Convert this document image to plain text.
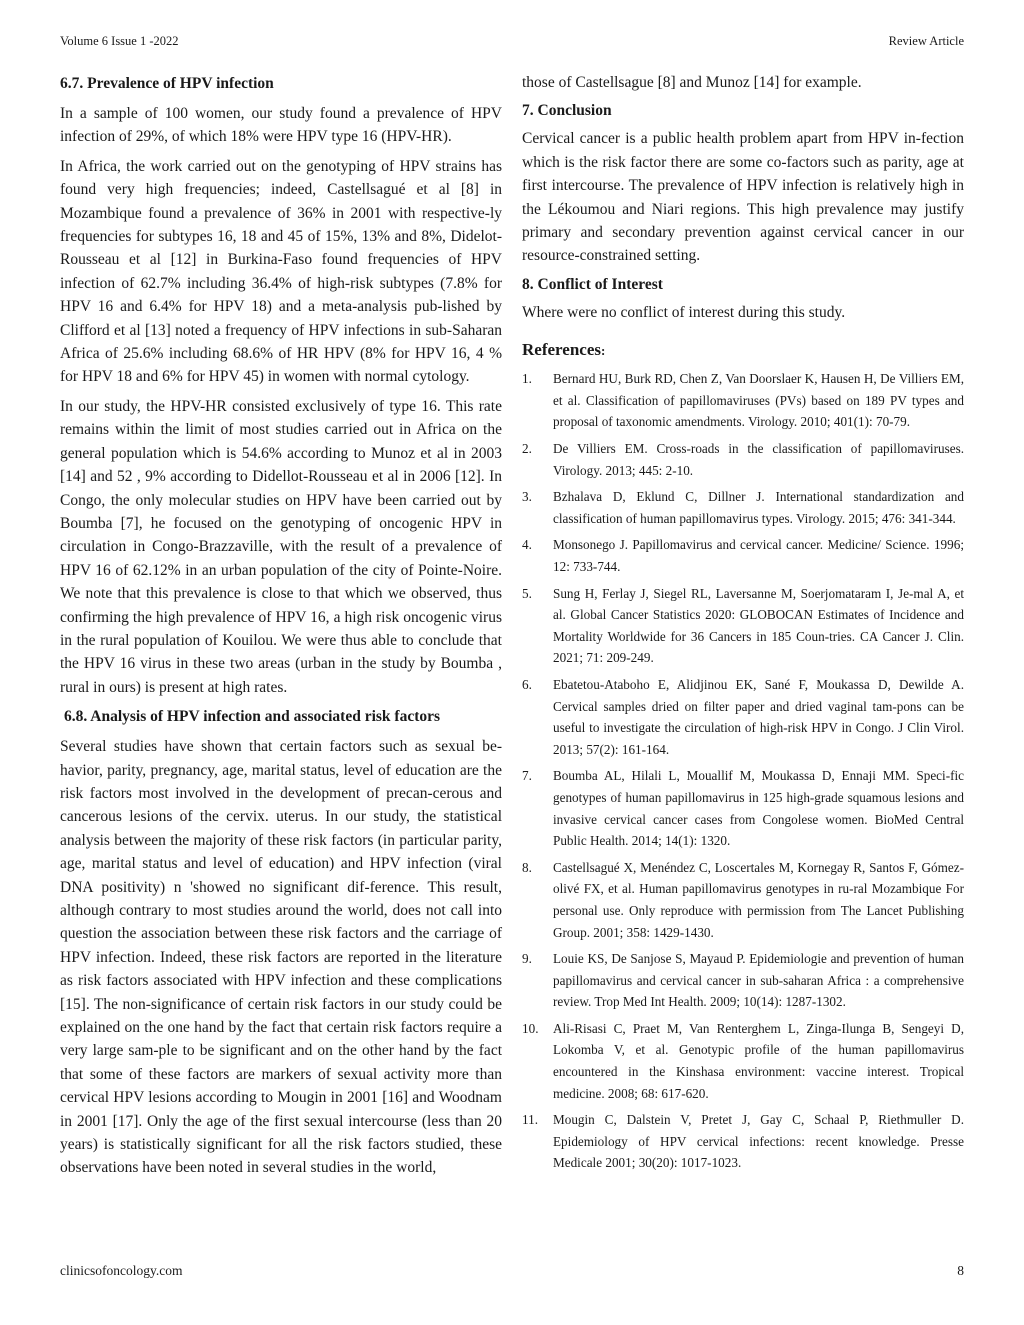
Volume 6 Issue 1 -2022	Review Article
6.7. Prevalence of HPV infection

In a sample of 100 women, our study found a prevalence of HPV infection of 29%, of which 18% were HPV type 16 (HPV-HR).

In Africa, the work carried out on the genotyping of HPV strains has found very high frequencies; indeed, Castellsagué et al [8] in Mozambique found a prevalence of 36% in 2001 with respective-ly frequencies for subtypes 16, 18 and 45 of 15%, 13% and 8%, Didelot-Rousseau et al [12] in Burkina-Faso found frequencies of HPV infection of 62.7% including 36.4% of high-risk subtypes (7.8% for HPV 16 and 6.4% for HPV 18) and a meta-analysis pub-lished by Clifford et al [13] noted a frequency of HPV infections in sub-Saharan Africa of 25.6% including 68.6% of HR HPV (8% for HPV 16, 4 % for HPV 18 and 6% for HPV 45) in women with normal cytology.

In our study, the HPV-HR consisted exclusively of type 16. This rate remains within the limit of most studies carried out in Africa on the general population which is 54.6% according to Munoz et al in 2003 [14] and 52 , 9% according to Didellot-Rousseau et al in 2006 [12]. In Congo, the only molecular studies on HPV have been carried out by Boumba [7], he focused on the genotyping of oncogenic HPV in circulation in Congo-Brazzaville, with the result of a prevalence of HPV 16 of 62.12% in an urban population of the city of Pointe-Noire. We note that this prevalence is close to that which we observed, thus confirming the high prevalence of HPV 16, a high risk oncogenic virus in the rural population of Kouilou. We were thus able to conclude that the HPV 16 virus in these two areas (urban in the study by Boumba , rural in ours) is present at high rates.

6.8. Analysis of HPV infection and associated risk factors

Several studies have shown that certain factors such as sexual be-havior, parity, pregnancy, age, marital status, level of education are the risk factors most involved in the development of precan-cerous and cancerous lesions of the cervix. uterus. In our study, the statistical analysis between the majority of these risk factors (in particular parity, age, marital status and level of education) and HPV infection (viral DNA positivity) n 'showed no significant dif-ference. This result, although contrary to most studies around the world, does not call into question the association between these risk factors and the carriage of HPV infection. Indeed, these risk factors are reported in the literature as risk factors associated with HPV infection and these complications [15]. The non-significance of certain risk factors in our study could be explained on the one hand by the fact that certain risk factors require a very large sam-ple to be significant and on the other hand by the fact that some of these factors are markers of sexual activity more than cervical HPV lesions according to Mougin in 2001 [16] and Woodnam in 2001 [17]. Only the age of the first sexual intercourse (less than 20 years) is statistically significant for all the risk factors studied, these observations have been noted in several studies in the world,

those of Castellsague [8] and Munoz [14] for example.

7. Conclusion

Cervical cancer is a public health problem apart from HPV in-fection which is the risk factor there are some co-factors such as parity, age at first intercourse. The prevalence of HPV infection is relatively high in the Lékoumou and Niari regions. This high prevalence may justify primary and secondary prevention against cervical cancer in our resource-constrained setting.

8. Conflict of Interest

Where were no conflict of interest during this study.

References:
1. Bernard HU, Burk RD, Chen Z, Van Doorslaer K, Hausen H, De Villiers EM, et al. Classification of papillomaviruses (PVs) based on 189 PV types and proposal of taxonomic amendments. Virology. 2010; 401(1): 70-79.
2. De Villiers EM. Cross-roads in the classification of papillomaviruses. Virology. 2013; 445: 2-10.
3. Bzhalava D, Eklund C, Dillner J. International standardization and classification of human papillomavirus types. Virology. 2015; 476: 341-344.
4. Monsonego J. Papillomavirus and cervical cancer. Medicine/ Science. 1996; 12: 733-744.
5. Sung H, Ferlay J, Siegel RL, Laversanne M, Soerjomataram I, Je-mal A, et al. Global Cancer Statistics 2020: GLOBOCAN Estimates of Incidence and Mortality Worldwide for 36 Cancers in 185 Coun-tries. CA Cancer J. Clin. 2021; 71: 209-249.
6. Ebatetou-Ataboho E, Alidjinou EK, Sané F, Moukassa D, Dewilde A. Cervical samples dried on filter paper and dried vaginal tam-pons can be useful to investigate the circulation of high-risk HPV in Congo. J Clin Virol. 2013; 57(2): 161-164.
7. Boumba AL, Hilali L, Mouallif M, Moukassa D, Ennaji MM. Speci-fic genotypes of human papillomavirus in 125 high-grade squamous lesions and invasive cervical cancer cases from Congolese women. BioMed Central Public Health. 2014; 14(1): 1320.
8. Castellsagué X, Menéndez C, Loscertales M, Kornegay R, Santos F, Gómez-olivé FX, et al. Human papillomavirus genotypes in ru-ral Mozambique For personal use. Only reproduce with permission from The Lancet Publishing Group. 2001; 358: 1429-1430.
9. Louie KS, De Sanjose S, Mayaud P. Epidemiologie and prevention of human papillomavirus and cervical cancer in sub-saharan Africa : a comprehensive review. Trop Med Int Health. 2009; 10(14): 1287-1302.
10. Ali-Risasi C, Praet M, Van Renterghem L, Zinga-Ilunga B, Sengeyi D, Lokomba V, et al. Genotypic profile of the human papillomavirus encountered in the Kinshasa environment: vaccine interest. Tropical medicine. 2008; 68: 617-620.
11. Mougin C, Dalstein V, Pretet J, Gay C, Schaal P, Riethmuller D. Epidemiology of HPV cervical infections: recent knowledge. Presse Medicale 2001; 30(20): 1017-1023.
clinicsofoncology.com	8
